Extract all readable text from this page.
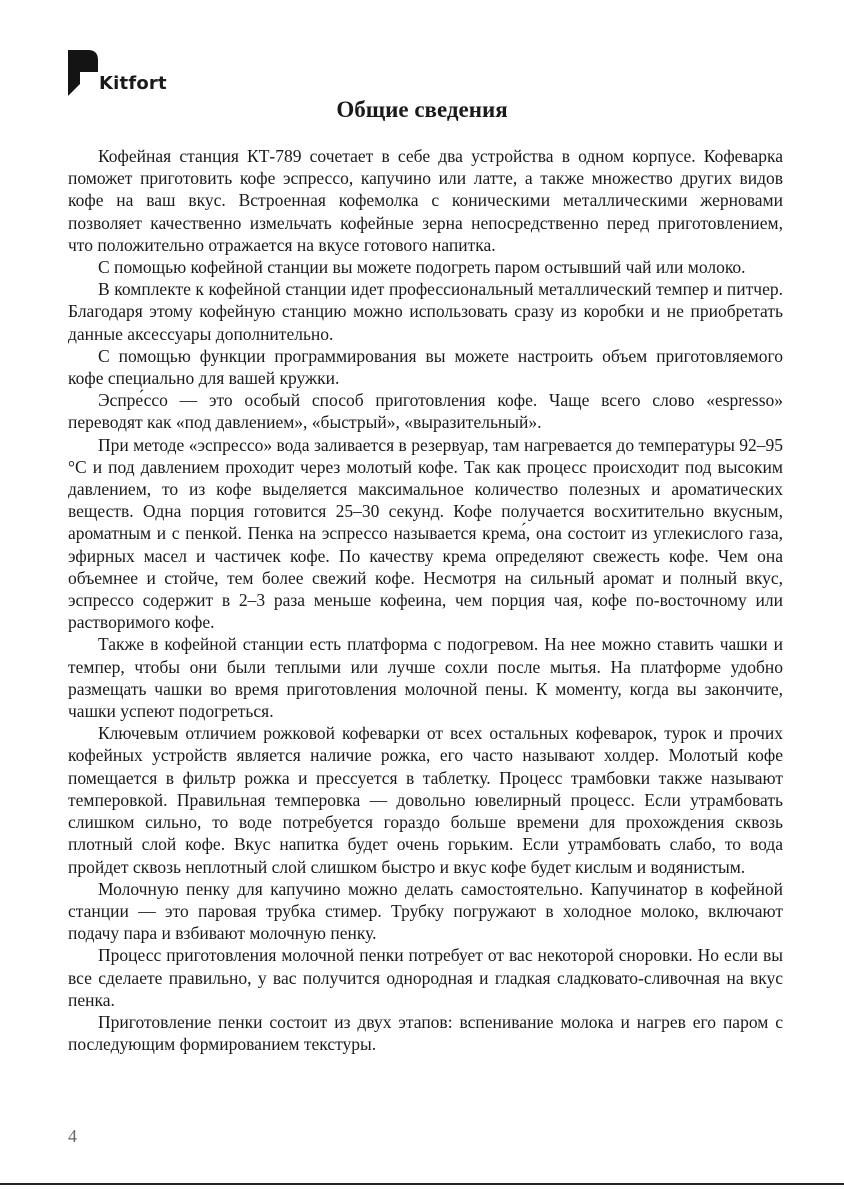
Kitfort
Общие сведения

Кофейная станция КТ-789 сочетает в себе два устройства в одном корпусе. Кофеварка поможет приготовить кофе эспрессо, капучино или латте, а также множество других видов кофе на ваш вкус. Встроенная кофемолка с коническими металлическими жерновами позволяет качественно измельчать кофейные зерна непосредственно перед приготовлением, что положительно отражается на вкусе готового напитка.

С помощью кофейной станции вы можете подогреть паром остывший чай или молоко.

В комплекте к кофейной станции идет профессиональный металлический темпер и питчер. Благодаря этому кофейную станцию можно использовать сразу из коробки и не приобретать данные аксессуары дополнительно.

С помощью функции программирования вы можете настроить объем приготовляемого кофе специально для вашей кружки.

Эспре́ссо — это особый способ приготовления кофе. Чаще всего слово «espresso» переводят как «под давлением», «быстрый», «выразительный».

При методе «эспрессо» вода заливается в резервуар, там нагревается до температуры 92–95 °C и под давлением проходит через молотый кофе. Так как процесс происходит под высоким давлением, то из кофе выделяется максимальное количество полезных и ароматических веществ. Одна порция готовится 25–30 секунд. Кофе получается восхитительно вкусным, ароматным и с пенкой. Пенка на эспрессо называется крема́, она состоит из углекислого газа, эфирных масел и частичек кофе. По качеству крема определяют свежесть кофе. Чем она объемнее и стойче, тем более свежий кофе. Несмотря на сильный аромат и полный вкус, эспрессо содержит в 2–3 раза меньше кофеина, чем порция чая, кофе по-восточному или растворимого кофе.

Также в кофейной станции есть платформа с подогревом. На нее можно ставить чашки и темпер, чтобы они были теплыми или лучше сохли после мытья. На платформе удобно размещать чашки во время приготовления молочной пены. К моменту, когда вы закончите, чашки успеют подогреться.

Ключевым отличием рожковой кофеварки от всех остальных кофеварок, турок и прочих кофейных устройств является наличие рожка, его часто называют холдер. Молотый кофе помещается в фильтр рожка и прессуется в таблетку. Процесс трамбовки также называют темперовкой. Правильная темперовка — довольно ювелирный процесс. Если утрамбовать слишком сильно, то воде потребуется гораздо больше времени для прохождения сквозь плотный слой кофе. Вкус напитка будет очень горьким. Если утрамбовать слабо, то вода пройдет сквозь неплотный слой слишком быстро и вкус кофе будет кислым и водянистым.

Молочную пенку для капучино можно делать самостоятельно. Капучинатор в кофейной станции — это паровая трубка стимер. Трубку погружают в холодное молоко, включают подачу пара и взбивают молочную пенку.

Процесс приготовления молочной пенки потребует от вас некоторой сноровки. Но если вы все сделаете правильно, у вас получится однородная и гладкая сладковато-сливочная на вкус пенка.

Приготовление пенки состоит из двух этапов: вспенивание молока и нагрев его паром с последующим формированием текстуры.

4
